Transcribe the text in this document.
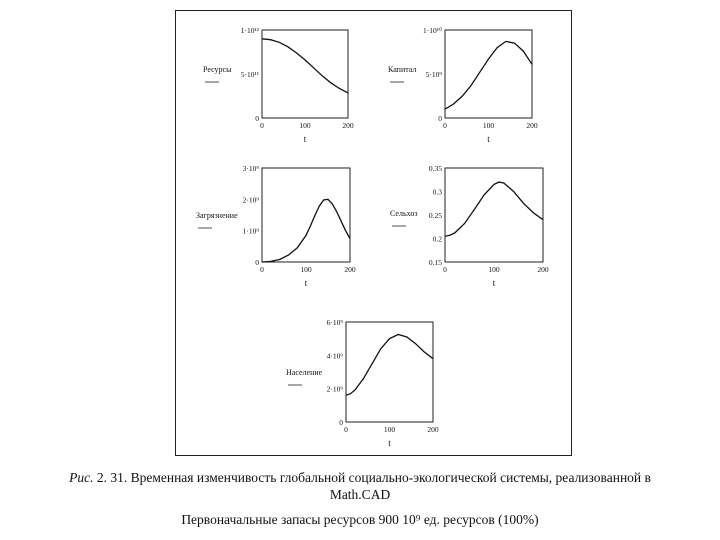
0
5·10¹¹
1·10¹²
0	100	200
t
Ресурсы
0
5·10⁹
1·10¹⁰
0	100	200
t
Капитал
0
1·10⁹
2·10⁹
3·10⁹
0	100	200
t
Загрязнение
0.15
0.2
0.25
0.3
0.35
0	100	200
t
Сельхоз
0
2·10⁹
4·10⁹
6·10⁹
0	100	200
t
Население
Рис. 2. 31. Временная изменчивость глобальной социально-экологической системы, реализованной в
Math.CAD
Первоначальные запасы ресурсов 900 10⁹ ед. ресурсов (100%)
